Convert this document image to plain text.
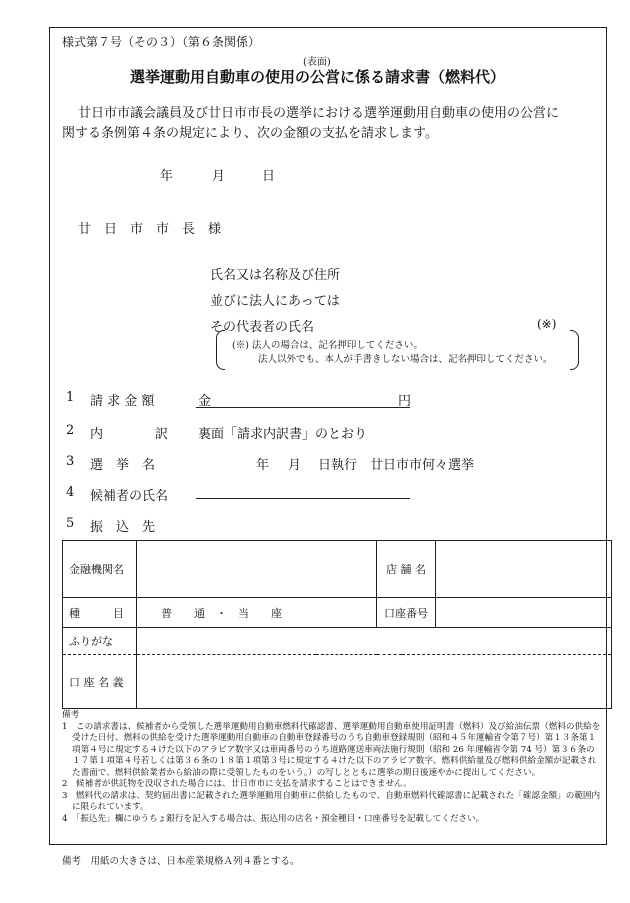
様式第７号（その３）（第６条関係）
(表面)
選挙運動用自動車の使用の公営に係る請求書（燃料代）
廿日市市議会議員及び廿日市市長の選挙における選挙運動用自動車の使用の公営に
関する条例第４条の規定により、次の金額の支払を請求します。
年	月	日
廿　日　市　市　長　様
氏名又は名称及び住所
並びに法人にあっては
その代表者の氏名	(※)
(※) 法人の場合は、記名押印してください。
法人以外でも、本人が手書きしない場合は、記名押印してください。
1 請 求 金 額	金	円
2 内　　　　訳 裏面「請求内訳書」のとおり
3 選　挙　名	年 月 日執行 廿日市市何々選挙
4 候補者の氏名
5 振　込　先
金融機関名		店 舗 名

種　　　目	普　　通　・　当　　座	口座番号

ふりがな		
口 座 名 義		
備考
1　この請求書は、候補者から受領した選挙運動用自動車燃料代確認書、選挙運動用自動車使用証明書（燃料）及び給油伝票（燃料の供給を受けた日付、燃料の供給を受けた選挙運動用自動車の自動車登録番号のうち自動車登録規則（昭和４５年運輸省令第７号）第１３条第１項第４号に規定する４けた以下のアラビア数字又は車両番号のうち道路運送車両法施行規則（昭和 26 年運輸省令第 74 号）第３６条の１７第１項第４号若しくは第３６条の１８第１項第３号に規定する４けた以下のアラビア数字、燃料供給量及び燃料供給金額が記載された書面で、燃料供給業者から給油の際に受領したものをいう。）の写しとともに選挙の期日後速やかに提出してください。
2　候補者が供託物を没収された場合には、廿日市市に支払を請求することはできません。
3　燃料代の請求は、契約届出書に記載された選挙運動用自動車に供給したもので、自動車燃料代確認書に記載された「確認金額」の範囲内に限られています。
4　「振込先」欄にゆうちょ銀行を記入する場合は、振込用の店名・預金種目・口座番号を記載してください。
備考　用紙の大きさは、日本産業規格Ａ列４番とする。
